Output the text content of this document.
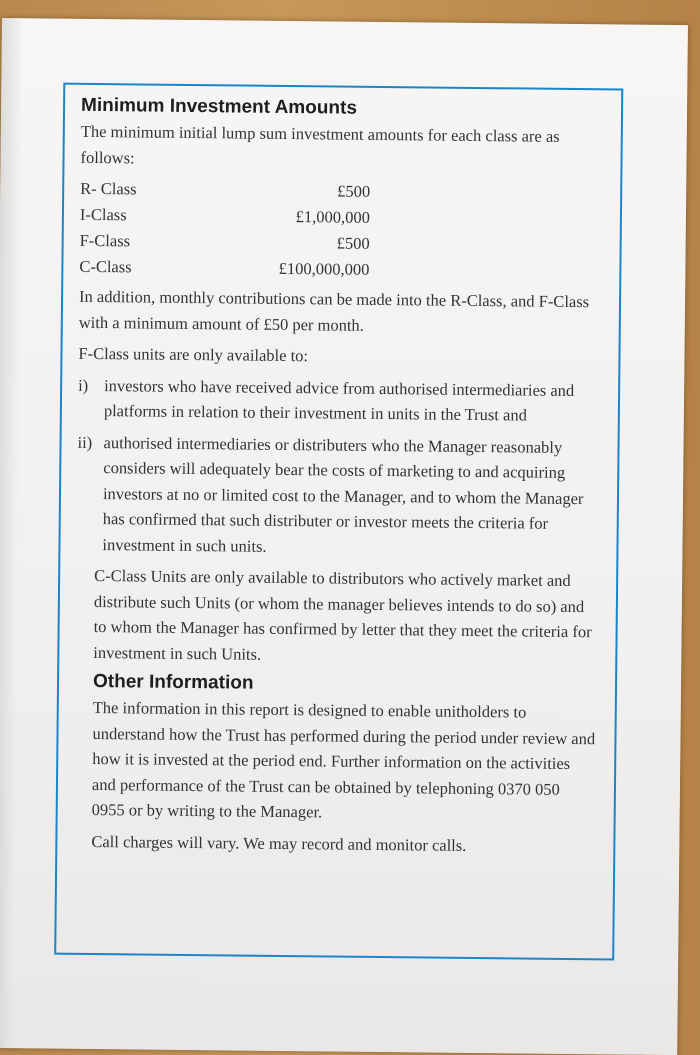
Minimum Investment Amounts

The minimum initial lump sum investment amounts for each class are as follows:

R- Class	£500
I-Class	£1,000,000
F-Class	£500
C-Class	£100,000,000

In addition, monthly contributions can be made into the R-Class, and F-Class with a minimum amount of £50 per month.

F-Class units are only available to:

i) investors who have received advice from authorised intermediaries and platforms in relation to their investment in units in the Trust and
ii) authorised intermediaries or distributers who the Manager reasonably considers will adequately bear the costs of marketing to and acquiring investors at no or limited cost to the Manager, and to whom the Manager has confirmed that such distributer or investor meets the criteria for investment in such units.

C-Class Units are only available to distributors who actively market and distribute such Units (or whom the manager believes intends to do so) and to whom the Manager has confirmed by letter that they meet the criteria for investment in such Units.

Other Information

The information in this report is designed to enable unitholders to understand how the Trust has performed during the period under review and how it is invested at the period end. Further information on the activities and performance of the Trust can be obtained by telephoning 0370 050 0955 or by writing to the Manager.

Call charges will vary. We may record and monitor calls.
